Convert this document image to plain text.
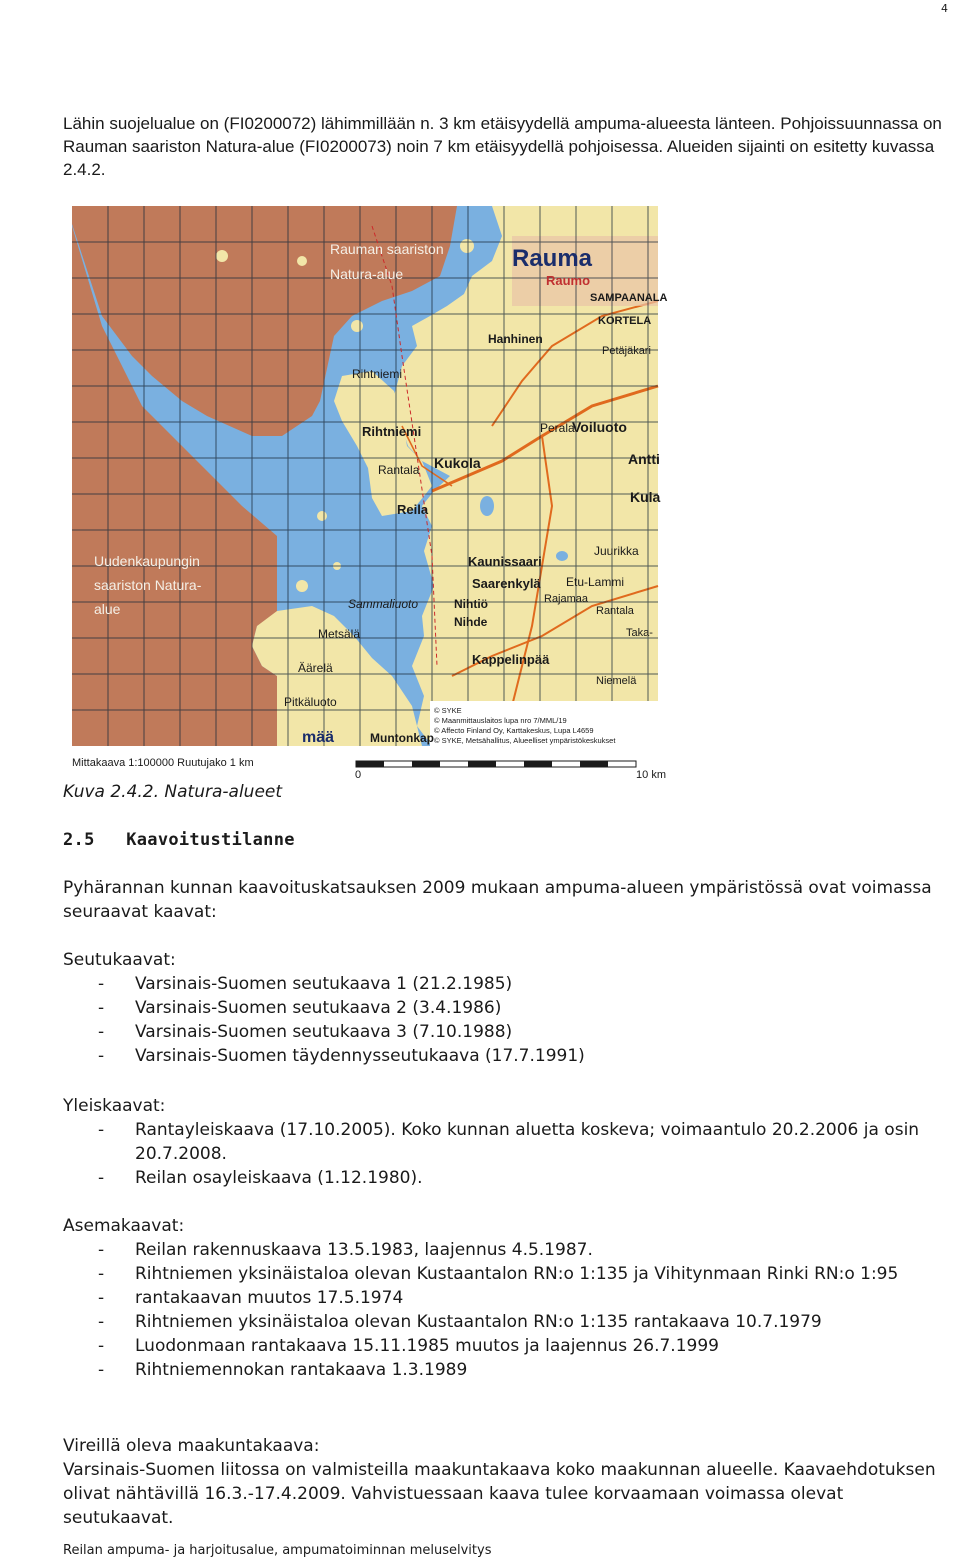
4

Lähin suojelualue on (FI0200072) lähimmillään n. 3 km etäisyydellä ampuma-alueesta länteen. Pohjoissuunnassa on Rauman saariston Natura-alue (FI0200073) noin 7 km etäisyydellä pohjoisessa. Alueiden sijainti on esitetty kuvassa 2.4.2.

Rauman saariston
Natura-alue
Uudenkaupungin
saariston Natura-
alue
Rauma
Raumo
SAMPAANALA
KORTELA
Hanhinen
Petäjäkari
Rihtniemi
Rihtniemi	Perala
Voiluoto
Antti
Rantala Kukola
Kula
Reila
Kaunissaari
Juurikka
Saarenkylä Etu-Lammi
Rajamaa
Rantala
Sammaliuoto	Nihtiö
Nihde
Taka-
Metsälä
Kappelinpää
Äärelä
Niemelä
Pitkäluoto
Muntonkap
mää
© SYKE
© Maanmittauslaitos lupa nro 7/MML/19
© Affecto Finland Oy, Karttakeskus, Lupa L4659
© SYKE, Metsähallitus, Alueelliset ympäristökeskukset
Mittakaava 1:100000 Ruutujako 1 km
0	10 km
Kuva 2.4.2. Natura-alueet
2.5 Kaavoitustilanne

Pyhärannan kunnan kaavoituskatsauksen 2009 mukaan ampuma-alueen ympäristössä ovat voimassa seuraavat kaavat:

Seutukaavat:

- Varsinais-Suomen seutukaava 1 (21.2.1985)
- Varsinais-Suomen seutukaava 2 (3.4.1986)
- Varsinais-Suomen seutukaava 3 (7.10.1988)
- Varsinais-Suomen täydennysseutukaava (17.7.1991)

Yleiskaavat:

- Rantayleiskaava (17.10.2005). Koko kunnan aluetta koskeva; voimaantulo 20.2.2006 ja osin 20.7.2008.
- Reilan osayleiskaava (1.12.1980).

Asemakaavat:

- Reilan rakennuskaava 13.5.1983, laajennus 4.5.1987.
- Rihtniemen yksinäistaloa olevan Kustaantalon RN:o 1:135 ja Vihitynmaan Rinki RN:o 1:95
- rantakaavan muutos 17.5.1974
- Rihtniemen yksinäistaloa olevan Kustaantalon RN:o 1:135 rantakaava 10.7.1979
- Luodonmaan rantakaava 15.11.1985 muutos ja laajennus 26.7.1999
- Rihtniemennokan rantakaava 1.3.1989

Vireillä oleva maakuntakaava:

Varsinais-Suomen liitossa on valmisteilla maakuntakaava koko maakunnan alueelle. Kaavaehdotuksen olivat nähtävillä 16.3.-17.4.2009. Vahvistuessaan kaava tulee korvaamaan voimassa olevat seutukaavat.

Reilan ampuma- ja harjoitusalue, ampumatoiminnan meluselvitys
